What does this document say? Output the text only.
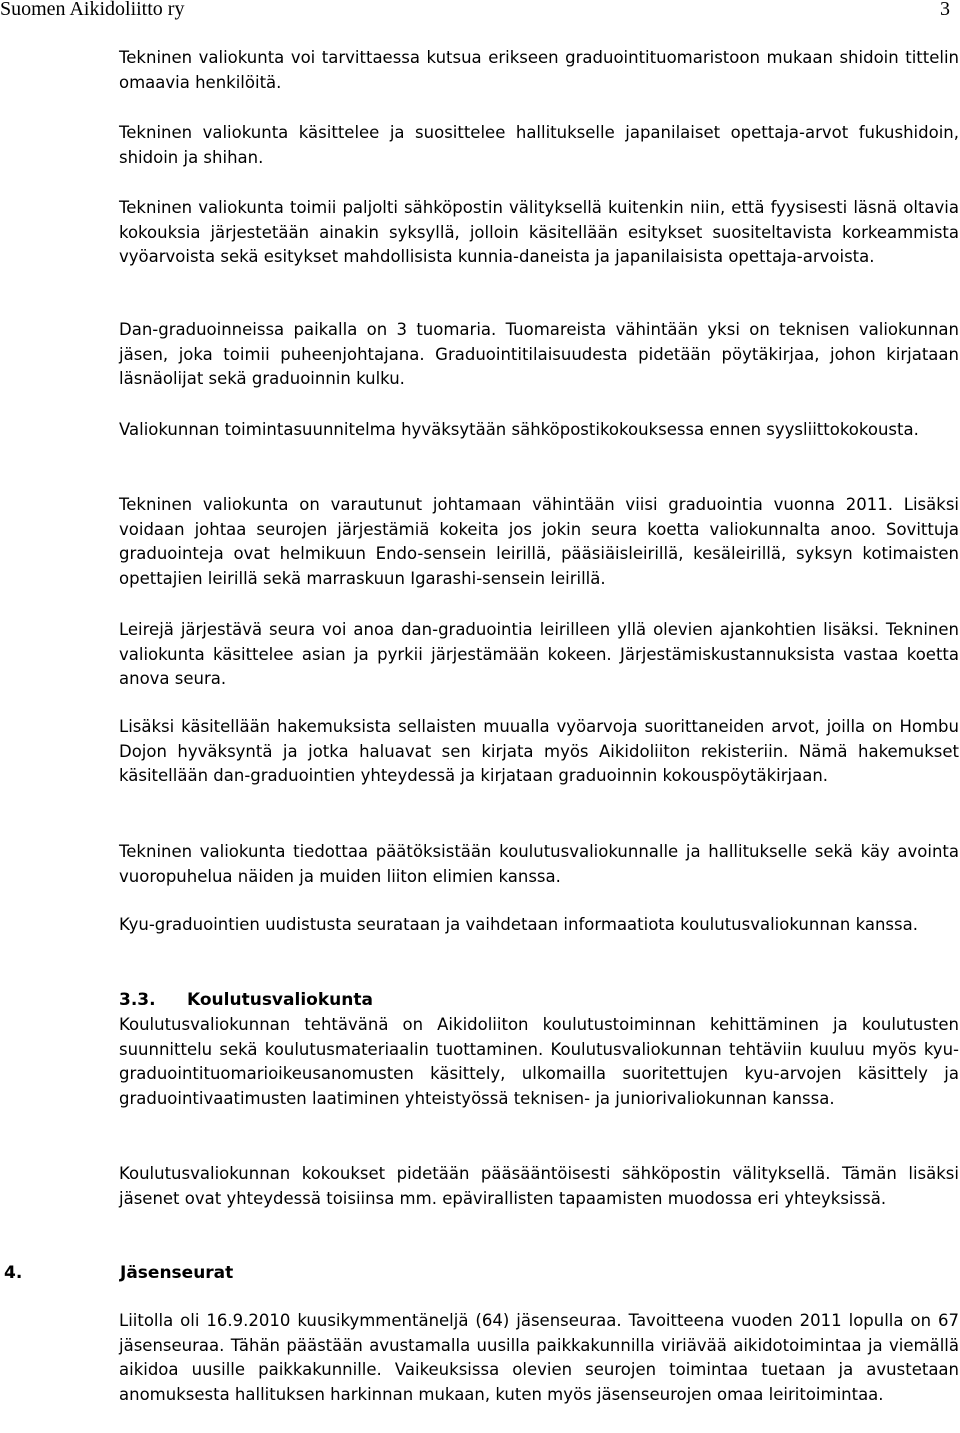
Suomen Aikidoliitto ry	3

Tekninen valiokunta voi tarvittaessa kutsua erikseen graduointituomaristoon mukaan shidoin tittelin omaavia henkilöitä.

Tekninen valiokunta käsittelee ja suosittelee hallitukselle japanilaiset opettaja-arvot fukushidoin, shidoin ja shihan.

Tekninen valiokunta toimii paljolti sähköpostin välityksellä kuitenkin niin, että fyysisesti läsnä oltavia kokouksia järjestetään ainakin syksyllä, jolloin käsitellään esitykset suositeltavista korkeammista vyöarvoista sekä esitykset mahdollisista kunnia-daneista ja japanilaisista opettaja-arvoista.

Dan-graduoinneissa paikalla on 3 tuomaria. Tuomareista vähintään yksi on teknisen valiokunnan jäsen, joka toimii puheenjohtajana. Graduointitilaisuudesta pidetään pöytäkirjaa, johon kirjataan läsnäolijat sekä graduoinnin kulku.

Valiokunnan toimintasuunnitelma hyväksytään sähköpostikokouksessa ennen syysliittokokousta.

Tekninen valiokunta on varautunut johtamaan vähintään viisi graduointia vuonna 2011. Lisäksi voidaan johtaa seurojen järjestämiä kokeita jos jokin seura koetta valiokunnalta anoo. Sovittuja graduointeja ovat helmikuun Endo-sensein leirillä, pääsiäisleirillä, kesäleirillä, syksyn kotimaisten opettajien leirillä sekä marraskuun Igarashi-sensein leirillä.

Leirejä järjestävä seura voi anoa dan-graduointia leirilleen yllä olevien ajankohtien lisäksi. Tekninen valiokunta käsittelee asian ja pyrkii järjestämään kokeen. Järjestämiskustannuksista vastaa koetta anova seura.

Lisäksi käsitellään hakemuksista sellaisten muualla vyöarvoja suorittaneiden arvot, joilla on Hombu Dojon hyväksyntä ja jotka haluavat sen kirjata myös Aikidoliiton rekisteriin. Nämä hakemukset käsitellään dan-graduointien yhteydessä ja kirjataan graduoinnin kokouspöytäkirjaan.

Tekninen valiokunta tiedottaa päätöksistään koulutusvaliokunnalle ja hallitukselle sekä käy avointa vuoropuhelua näiden ja muiden liiton elimien kanssa.

Kyu-graduointien uudistusta seurataan ja vaihdetaan informaatiota koulutusvaliokunnan kanssa.

3.3. Koulutusvaliokunta

Koulutusvaliokunnan tehtävänä on Aikidoliiton koulutustoiminnan kehittäminen ja koulutusten suunnittelu sekä koulutusmateriaalin tuottaminen. Koulutusvaliokunnan tehtäviin kuuluu myös kyu-graduointituomarioikeusanomusten käsittely, ulkomailla suoritettujen kyu-arvojen käsittely ja graduointivaatimusten laatiminen yhteistyössä teknisen- ja juniorivaliokunnan kanssa.

Koulutusvaliokunnan kokoukset pidetään pääsääntöisesti sähköpostin välityksellä. Tämän lisäksi jäsenet ovat yhteydessä toisiinsa mm. epävirallisten tapaamisten muodossa eri yhteyksissä.

4.	Jäsenseurat

Liitolla oli 16.9.2010 kuusikymmentäneljä (64) jäsenseuraa. Tavoitteena vuoden 2011 lopulla on 67 jäsenseuraa. Tähän päästään avustamalla uusilla paikkakunnilla viriävää aikidotoimintaa ja viemällä aikidoa uusille paikkakunnille. Vaikeuksissa olevien seurojen toimintaa tuetaan ja avustetaan anomuksesta hallituksen harkinnan mukaan, kuten myös jäsenseurojen omaa leiritoimintaa.
